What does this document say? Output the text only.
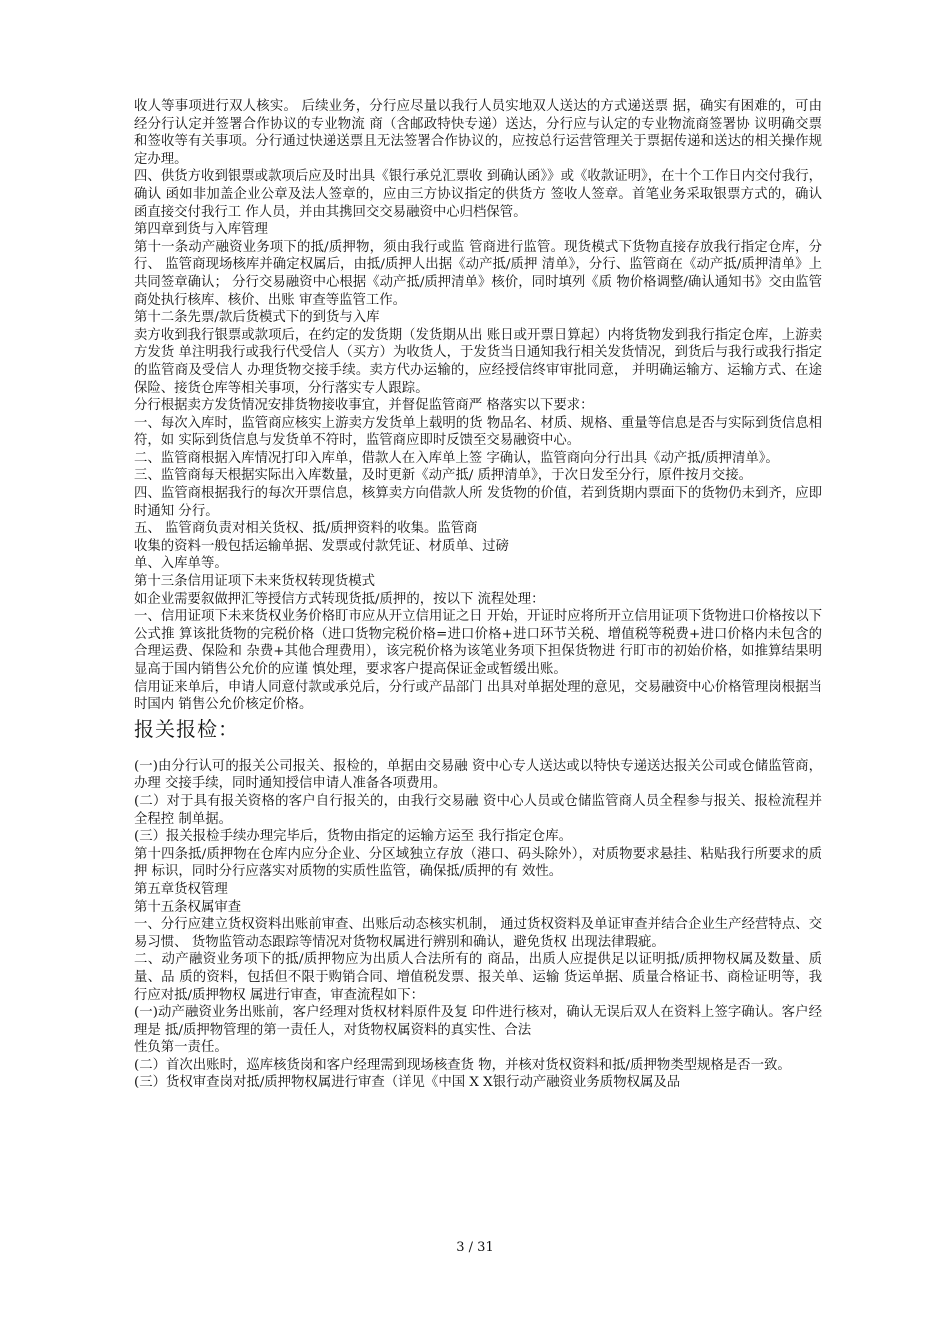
收人等事项进行双人核实。 后续业务，分行应尽量以我行人员实地双人送达的方式递送票 据，确实有困难的，可由经分行认定并签署合作协议的专业物流 商（含邮政特快专递）送达，分行应与认定的专业物流商签署协 议明确交票和签收等有关事项。分行通过快递送票且无法签署合作协议的，应按总行运营管理关于票据传递和送达的相关操作规 定办理。

四、供货方收到银票或款项后应及时出具《银行承兑汇票收 到确认函》》或《收款证明》，在十个工作日内交付我行，确认 函如非加盖企业公章及法人签章的，应由三方协议指定的供货方 签收人签章。首笔业务采取银票方式的，确认函直接交付我行工 作人员，并由其携回交交易融资中心归档保管。

第四章到货与入库管理

第十一条动产融资业务项下的抵/质押物，须由我行或监 管商进行监管。现货模式下货物直接存放我行指定仓库，分行、 监管商现场核库并确定权属后，由抵/质押人出据《动产抵/质押 清单》，分行、监管商在《动产抵/质押清单》上共同签章确认； 分行交易融资中心根据《动产抵/质押清单》核价，同时填列《质 物价格调整/确认通知书》交由监管商处执行核库、核价、出账 审查等监管工作。

第十二条先票/款后货模式下的到货与入库

卖方收到我行银票或款项后，在约定的发货期（发货期从出 账日或开票日算起）内将货物发到我行指定仓库，上游卖方发货 单注明我行或我行代受信人（买方）为收货人，于发货当日通知我行相关发货情况，到货后与我行或我行指定的监管商及受信人 办理货物交接手续。卖方代办运输的，应经授信终审审批同意， 并明确运输方、运输方式、在途保险、接货仓库等相关事项，分行落实专人跟踪。

分行根据卖方发货情况安排货物接收事宜，并督促监管商严 格落实以下要求：

一、每次入库时，监管商应核实上游卖方发货单上载明的货 物品名、材质、规格、重量等信息是否与实际到货信息相符，如 实际到货信息与发货单不符时，监管商应即时反馈至交易融资中心。

二、监管商根据入库情况打印入库单，借款人在入库单上签 字确认，监管商向分行出具《动产抵/质押清单》。

三、监管商每天根据实际出入库数量，及时更新《动产抵/ 质押清单》，于次日发至分行，原件按月交接。

四、监管商根据我行的每次开票信息，核算卖方向借款人所 发货物的价值，若到货期内票面下的货物仍未到齐，应即时通知 分行。

五、 监管商负责对相关货权、抵/质押资料的收集。监管商

收集的资料一般包括运输单据、发票或付款凭证、材质单、过磅

单、入库单等。

第十三条信用证项下未来货权转现货模式

如企业需要叙做押汇等授信方式转现货抵/质押的，按以下 流程处理：

一、信用证项下未来货权业务价格盯市应从开立信用证之日 开始，开证时应将所开立信用证项下货物进口价格按以下公式推 算该批货物的完税价格（进口货物完税价格=进口价格+进口环节关税、增值税等税费+进口价格内未包含的合理运费、保险和 杂费+其他合理费用），该完税价格为该笔业务项下担保货物进 行盯市的初始价格，如推算结果明显高于国内销售公允价的应谨 慎处理，要求客户提高保证金或暂缓出账。

信用证来单后，申请人同意付款或承兑后，分行或产品部门 出具对单据处理的意见，交易融资中心价格管理岗根据当时国内 销售公允价核定价格。

报关报检：

(一)由分行认可的报关公司报关、报检的，单据由交易融 资中心专人送达或以特快专递送达报关公司或仓储监管商，办理 交接手续，同时通知授信申请人准备各项费用。

(二）对于具有报关资格的客户自行报关的，由我行交易融 资中心人员或仓储监管商人员全程参与报关、报检流程并全程控 制单据。

(三）报关报检手续办理完毕后，货物由指定的运输方运至 我行指定仓库。

第十四条抵/质押物在仓库内应分企业、分区域独立存放（港口、码头除外），对质物要求悬挂、粘贴我行所要求的质押 标识，同时分行应落实对质物的实质性监管，确保抵/质押的有 效性。

第五章货权管理

第十五条权属审查

一、分行应建立货权资料出账前审查、出账后动态核实机制， 通过货权资料及单证审查并结合企业生产经营特点、交易习惯、 货物监管动态跟踪等情况对货物权属进行辨别和确认，避免货权 出现法律瑕疵。

二、动产融资业务项下的抵/质押物应为出质人合法所有的 商品，出质人应提供足以证明抵/质押物权属及数量、质量、品 质的资料，包括但不限于购销合同、增值税发票、报关单、运输 货运单据、质量合格证书、商检证明等，我行应对抵/质押物权 属进行审查，审查流程如下：

(一)动产融资业务出账前，客户经理对货权材料原件及复 印件进行核对，确认无误后双人在资料上签字确认。客户经理是 抵/质押物管理的第一责任人，对货物权属资料的真实性、合法

性负第一责任。

(二）首次出账时，巡库核货岗和客户经理需到现场核查货 物，并核对货权资料和抵/质押物类型规格是否一致。

(三）货权审查岗对抵/质押物权属进行审查（详见《中国 X X银行动产融资业务质物权属及品

3 / 31
